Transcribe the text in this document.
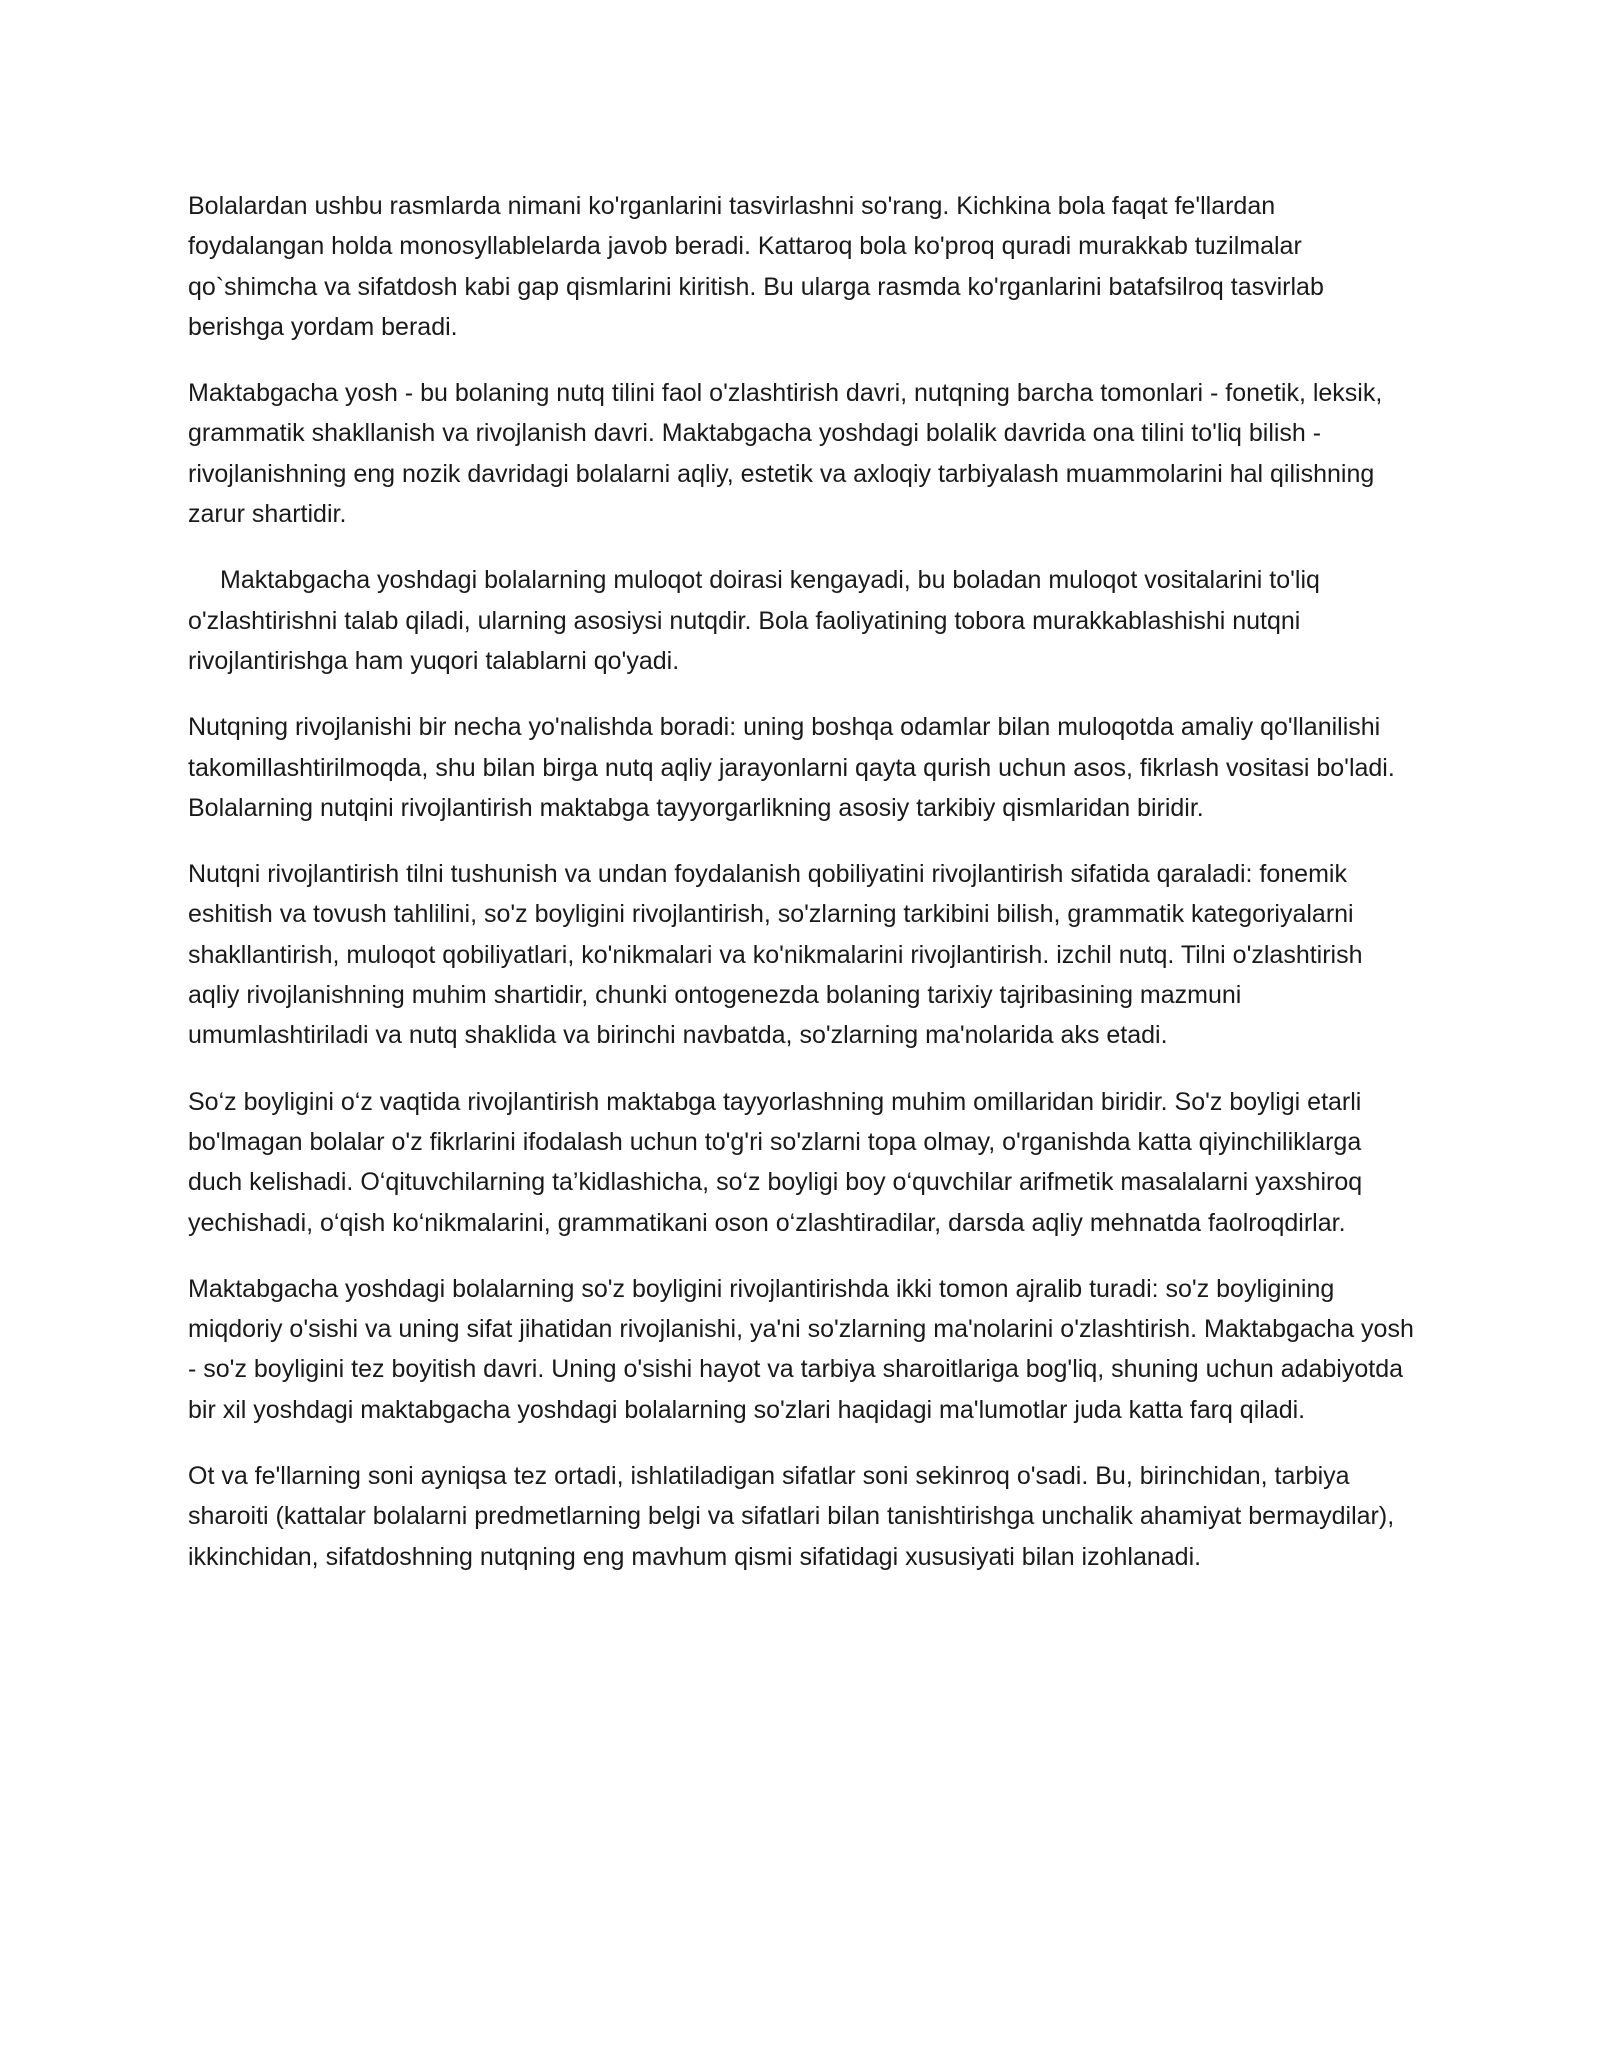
Bolalardan ushbu rasmlarda nimani ko'rganlarini tasvirlashni so'rang. Kichkina bola faqat fe'llardan foydalangan holda monosyllablelarda javob beradi. Kattaroq bola ko'proq quradi murakkab tuzilmalar qo`shimcha va sifatdosh kabi gap qismlarini kiritish. Bu ularga rasmda ko'rganlarini batafsilroq tasvirlab berishga yordam beradi.

Maktabgacha yosh - bu bolaning nutq tilini faol o'zlashtirish davri, nutqning barcha tomonlari - fonetik, leksik, grammatik shakllanish va rivojlanish davri. Maktabgacha yoshdagi bolalik davrida ona tilini to'liq bilish - rivojlanishning eng nozik davridagi bolalarni aqliy, estetik va axloqiy tarbiyalash muammolarini hal qilishning zarur shartidir.

Maktabgacha yoshdagi bolalarning muloqot doirasi kengayadi, bu boladan muloqot vositalarini to'liq o'zlashtirishni talab qiladi, ularning asosiysi nutqdir. Bola faoliyatining tobora murakkablashishi nutqni rivojlantirishga ham yuqori talablarni qo'yadi.

Nutqning rivojlanishi bir necha yo'nalishda boradi: uning boshqa odamlar bilan muloqotda amaliy qo'llanilishi takomillashtirilmoqda, shu bilan birga nutq aqliy jarayonlarni qayta qurish uchun asos, fikrlash vositasi bo'ladi. Bolalarning nutqini rivojlantirish maktabga tayyorgarlikning asosiy tarkibiy qismlaridan biridir.

Nutqni rivojlantirish tilni tushunish va undan foydalanish qobiliyatini rivojlantirish sifatida qaraladi: fonemik eshitish va tovush tahlilini, so'z boyligini rivojlantirish, so'zlarning tarkibini bilish, grammatik kategoriyalarni shakllantirish, muloqot qobiliyatlari, ko'nikmalari va ko'nikmalarini rivojlantirish. izchil nutq. Tilni o'zlashtirish aqliy rivojlanishning muhim shartidir, chunki ontogenezda bolaning tarixiy tajribasining mazmuni umumlashtiriladi va nutq shaklida va birinchi navbatda, so'zlarning ma'nolarida aks etadi.

So‘z boyligini o‘z vaqtida rivojlantirish maktabga tayyorlashning muhim omillaridan biridir. So'z boyligi etarli bo'lmagan bolalar o'z fikrlarini ifodalash uchun to'g'ri so'zlarni topa olmay, o'rganishda katta qiyinchiliklarga duch kelishadi. O‘qituvchilarning ta’kidlashicha, so‘z boyligi boy o‘quvchilar arifmetik masalalarni yaxshiroq yechishadi, o‘qish ko‘nikmalarini, grammatikani oson o‘zlashtiradilar, darsda aqliy mehnatda faolroqdirlar.

Maktabgacha yoshdagi bolalarning so'z boyligini rivojlantirishda ikki tomon ajralib turadi: so'z boyligining miqdoriy o'sishi va uning sifat jihatidan rivojlanishi, ya'ni so'zlarning ma'nolarini o'zlashtirish. Maktabgacha yosh - so'z boyligini tez boyitish davri. Uning o'sishi hayot va tarbiya sharoitlariga bog'liq, shuning uchun adabiyotda bir xil yoshdagi maktabgacha yoshdagi bolalarning so'zlari haqidagi ma'lumotlar juda katta farq qiladi.

Ot va fe'llarning soni ayniqsa tez ortadi, ishlatiladigan sifatlar soni sekinroq o'sadi. Bu, birinchidan, tarbiya sharoiti (kattalar bolalarni predmetlarning belgi va sifatlari bilan tanishtirishga unchalik ahamiyat bermaydilar), ikkinchidan, sifatdoshning nutqning eng mavhum qismi sifatidagi xususiyati bilan izohlanadi.
